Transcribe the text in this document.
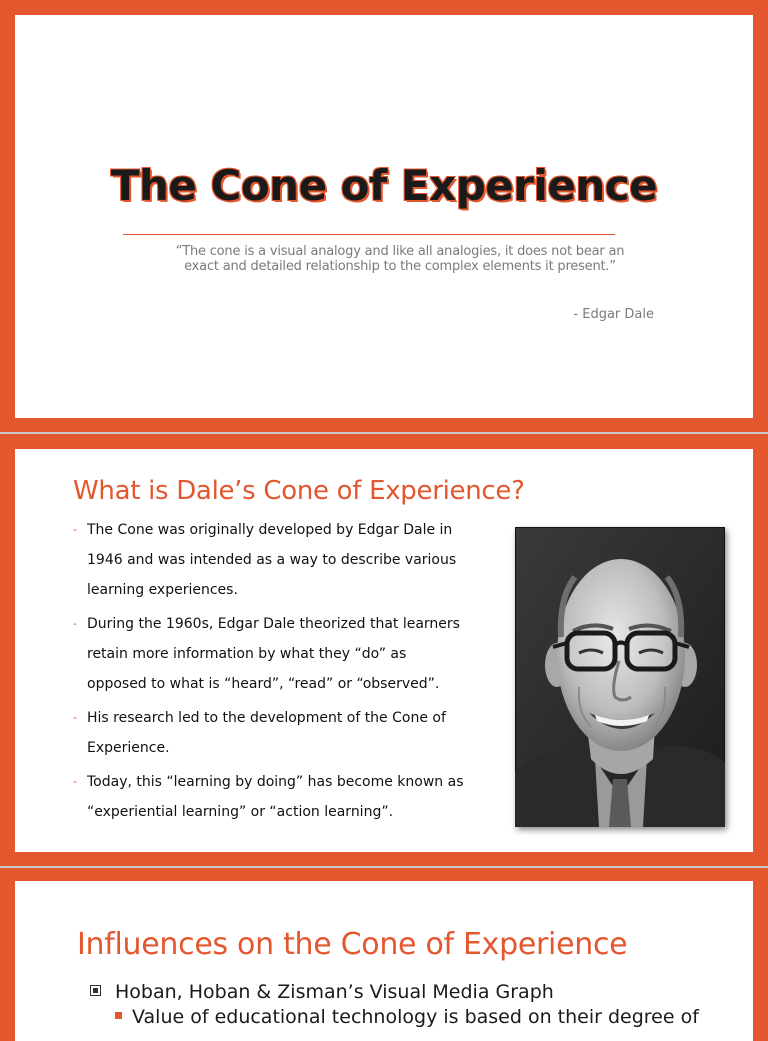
The Cone of Experience
“The cone is a visual analogy and like all analogies, it does not bear an
exact and detailed relationship to the complex elements it present.”
- Edgar Dale
What is Dale’s Cone of Experience?
- The Cone was originally developed by Edgar Dale in
1946 and was intended as a way to describe various
learning experiences.
- During the 1960s, Edgar Dale theorized that learners
retain more information by what they “do” as
opposed to what is “heard”, “read” or “observed”.
- His research led to the development of the Cone of
Experience.
- Today, this “learning by doing” has become known as
“experiential learning” or “action learning”.
Influences on the Cone of Experience
Hoban, Hoban & Zisman’s Visual Media Graph
Value of educational technology is based on their degree of
